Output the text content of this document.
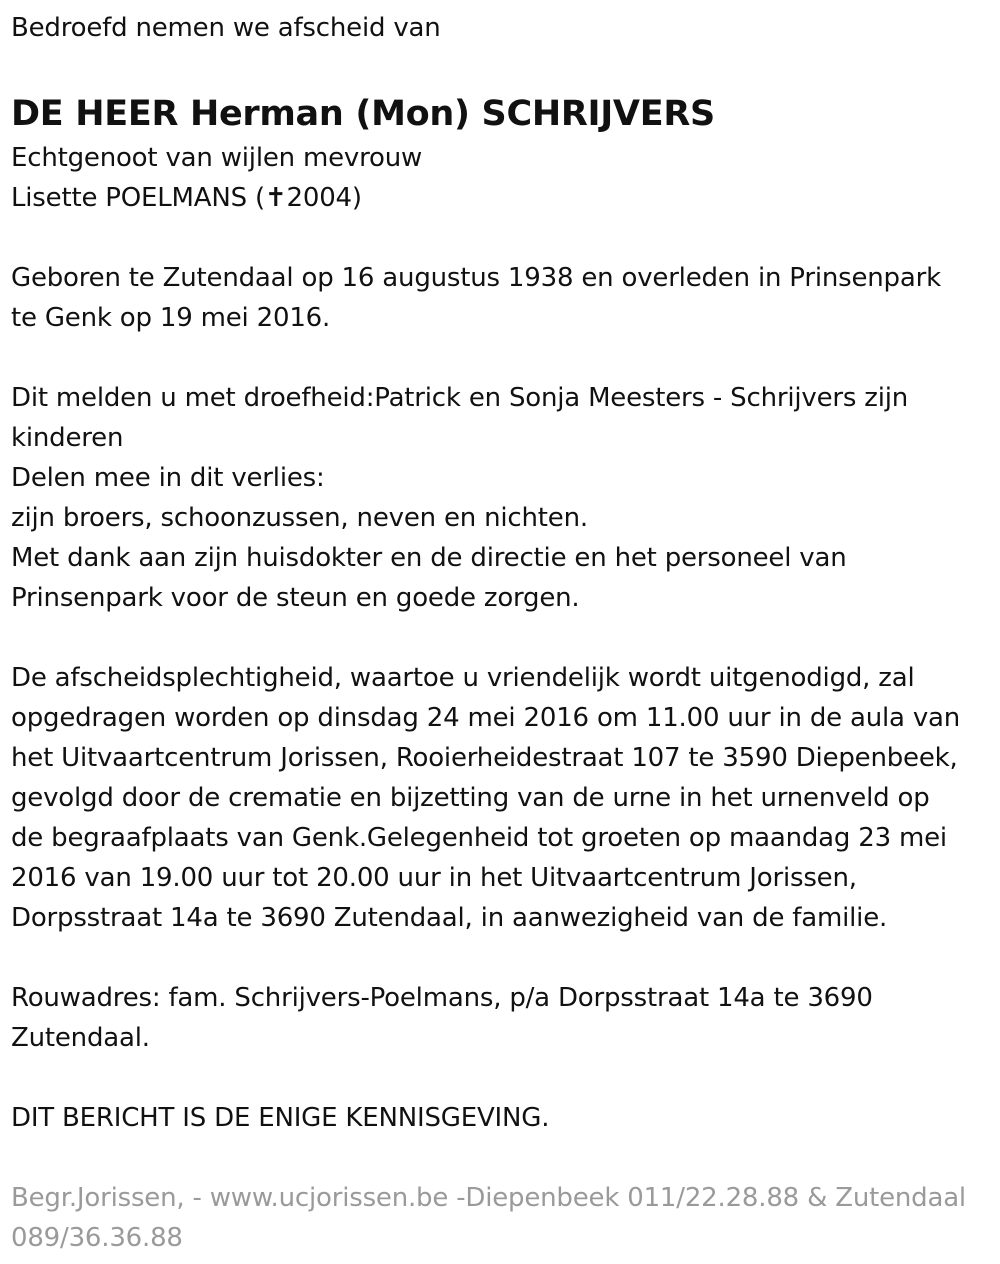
Bedroefd nemen we afscheid van

DE HEER Herman (Mon) SCHRIJVERS

Echtgenoot van wijlen mevrouw

Lisette POELMANS (✝2004)

Geboren te Zutendaal op 16 augustus 1938 en overleden in Prinsenpark

te Genk op 19 mei 2016.

Dit melden u met droefheid:Patrick en Sonja Meesters - Schrijvers zijn

kinderen

Delen mee in dit verlies:

zijn broers, schoonzussen, neven en nichten.

Met dank aan zijn huisdokter en de directie en het personeel van

Prinsenpark voor de steun en goede zorgen.

De afscheidsplechtigheid, waartoe u vriendelijk wordt uitgenodigd, zal

opgedragen worden op dinsdag 24 mei 2016 om 11.00 uur in de aula van

het Uitvaartcentrum Jorissen, Rooierheidestraat 107 te 3590 Diepenbeek,

gevolgd door de crematie en bijzetting van de urne in het urnenveld op

de begraafplaats van Genk.Gelegenheid tot groeten op maandag 23 mei

2016 van 19.00 uur tot 20.00 uur in het Uitvaartcentrum Jorissen,

Dorpsstraat 14a te 3690 Zutendaal, in aanwezigheid van de familie.

Rouwadres: fam. Schrijvers-Poelmans, p/a Dorpsstraat 14a te 3690

Zutendaal.

DIT BERICHT IS DE ENIGE KENNISGEVING.

Begr.Jorissen, - www.ucjorissen.be -Diepenbeek 011/22.28.88 & Zutendaal

089/36.36.88
